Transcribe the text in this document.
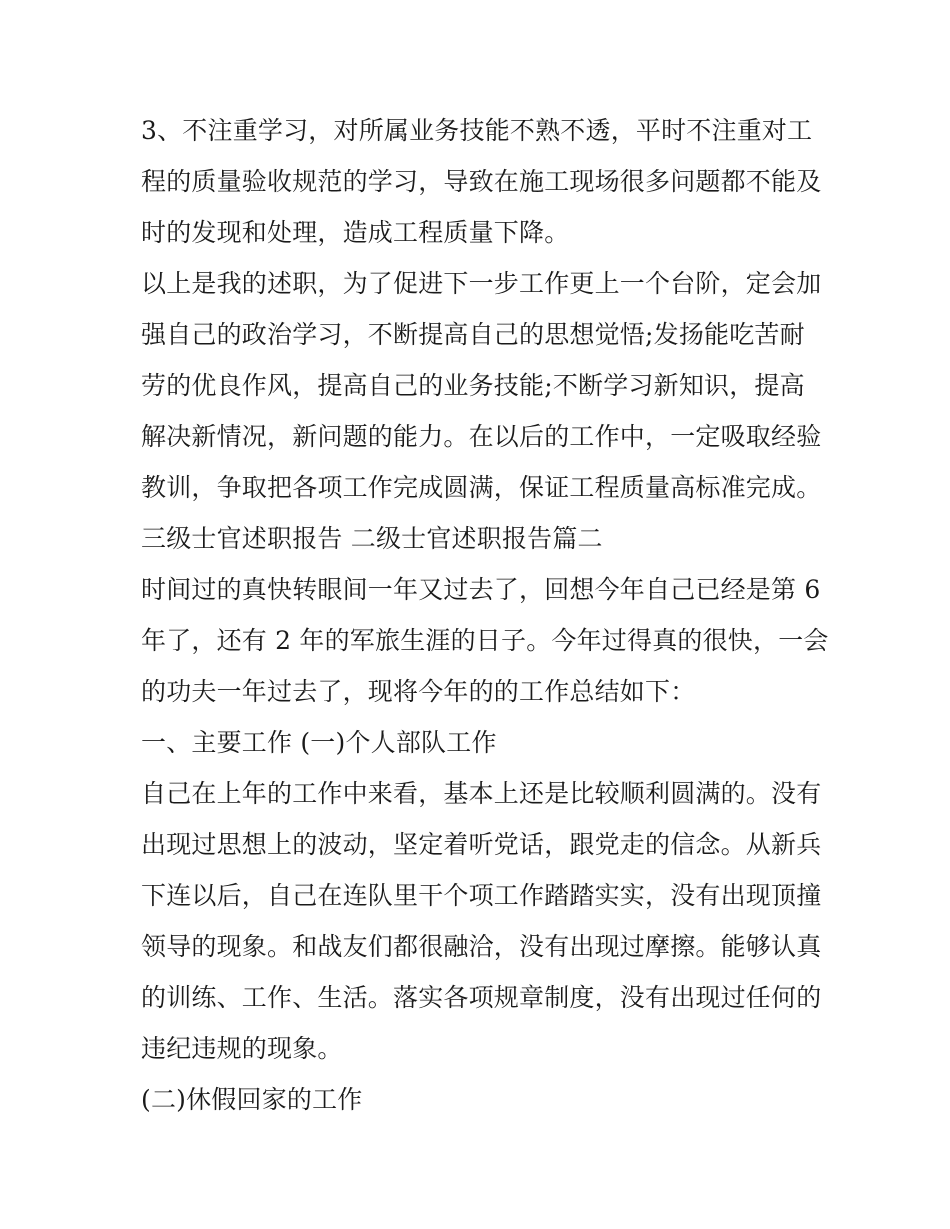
3、不注重学习，对所属业务技能不熟不透，平时不注重对工
程的质量验收规范的学习，导致在施工现场很多问题都不能及
时的发现和处理，造成工程质量下降。
以上是我的述职，为了促进下一步工作更上一个台阶，定会加
强自己的政治学习，不断提高自己的思想觉悟;发扬能吃苦耐
劳的优良作风，提高自己的业务技能;不断学习新知识，提高
解决新情况，新问题的能力。在以后的工作中，一定吸取经验
教训，争取把各项工作完成圆满，保证工程质量高标准完成。
三级士官述职报告 二级士官述职报告篇二
时间过的真快转眼间一年又过去了，回想今年自己已经是第 6
年了，还有 2 年的军旅生涯的日子。今年过得真的很快，一会
的功夫一年过去了，现将今年的的工作总结如下：
一、主要工作 (一)个人部队工作
自己在上年的工作中来看，基本上还是比较顺利圆满的。没有
出现过思想上的波动，坚定着听党话，跟党走的信念。从新兵
下连以后，自己在连队里干个项工作踏踏实实，没有出现顶撞
领导的现象。和战友们都很融洽，没有出现过摩擦。能够认真
的训练、工作、生活。落实各项规章制度，没有出现过任何的
违纪违规的现象。
(二)休假回家的工作
